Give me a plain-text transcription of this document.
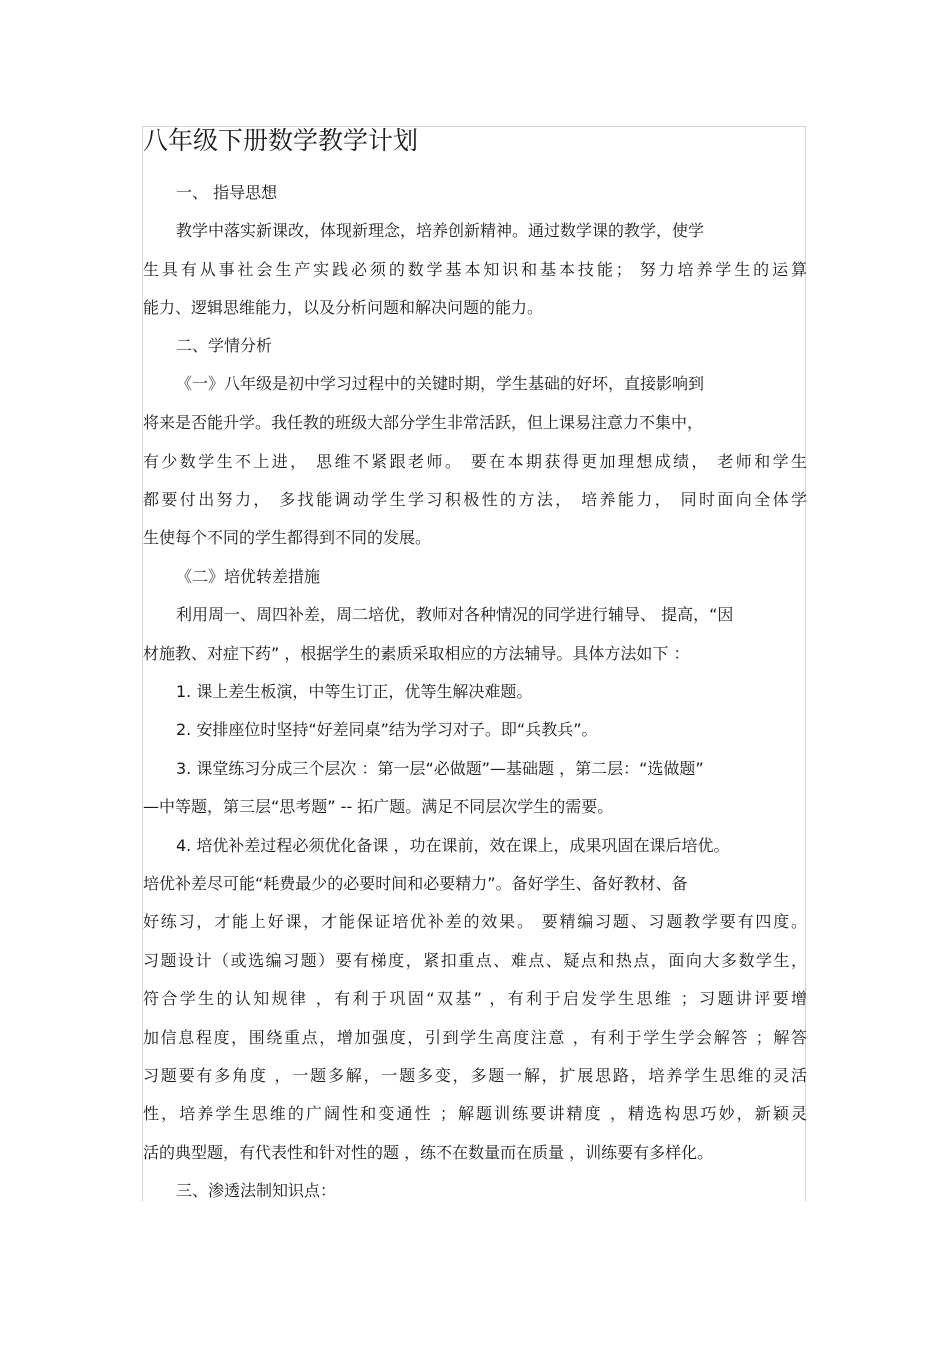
八年级下册数学教学计划
一、 指导思想
教学中落实新课改，体现新理念，培养创新精神。通过数学课的教学，使学
生具有从事社会生产实践必须的数学基本知识和基本技能； 努力培养学生的运算
能力、逻辑思维能力，以及分析问题和解决问题的能力。
二、学情分析
《一》八年级是初中学习过程中的关键时期，学生基础的好坏，直接影响到
将来是否能升学。我任教的班级大部分学生非常活跃，但上课易注意力不集中，
有少数学生不上进， 思维不紧跟老师。 要在本期获得更加理想成绩， 老师和学生
都要付出努力， 多找能调动学生学习积极性的方法， 培养能力， 同时面向全体学
生使每个不同的学生都得到不同的发展。
《二》培优转差措施
利用周一、周四补差，周二培优，教师对各种情况的同学进行辅导、 提高，“因
材施教、对症下药” ，根据学生的素质采取相应的方法辅导。具体方法如下 ：
1. 课上差生板演，中等生订正，优等生解决难题。
2. 安排座位时坚持“好差同桌”结为学习对子。即“兵教兵”。
3. 课堂练习分成三个层次 ：第一层“必做题”—基础题 ，第二层：“选做题”
—中等题，第三层“思考题” -- 拓广题。满足不同层次学生的需要。
4. 培优补差过程必须优化备课 ，功在课前，效在课上，成果巩固在课后培优。
培优补差尽可能“耗费最少的必要时间和必要精力”。备好学生、备好教材、备
好练习，才能上好课，才能保证培优补差的效果。 要精编习题、习题教学要有四度。
习题设计（或选编习题）要有梯度，紧扣重点、难点、疑点和热点，面向大多数学生，
符合学生的认知规律 ，有利于巩固“双基” ，有利于启发学生思维 ；习题讲评要增
加信息程度，围绕重点，增加强度，引到学生高度注意 ，有利于学生学会解答 ；解答
习题要有多角度 ，一题多解，一题多变，多题一解，扩展思路，培养学生思维的灵活
性，培养学生思维的广阔性和变通性 ；解题训练要讲精度 ，精选构思巧妙，新颖灵
活的典型题，有代表性和针对性的题 ，练不在数量而在质量 ，训练要有多样化。
三、渗透法制知识点：
